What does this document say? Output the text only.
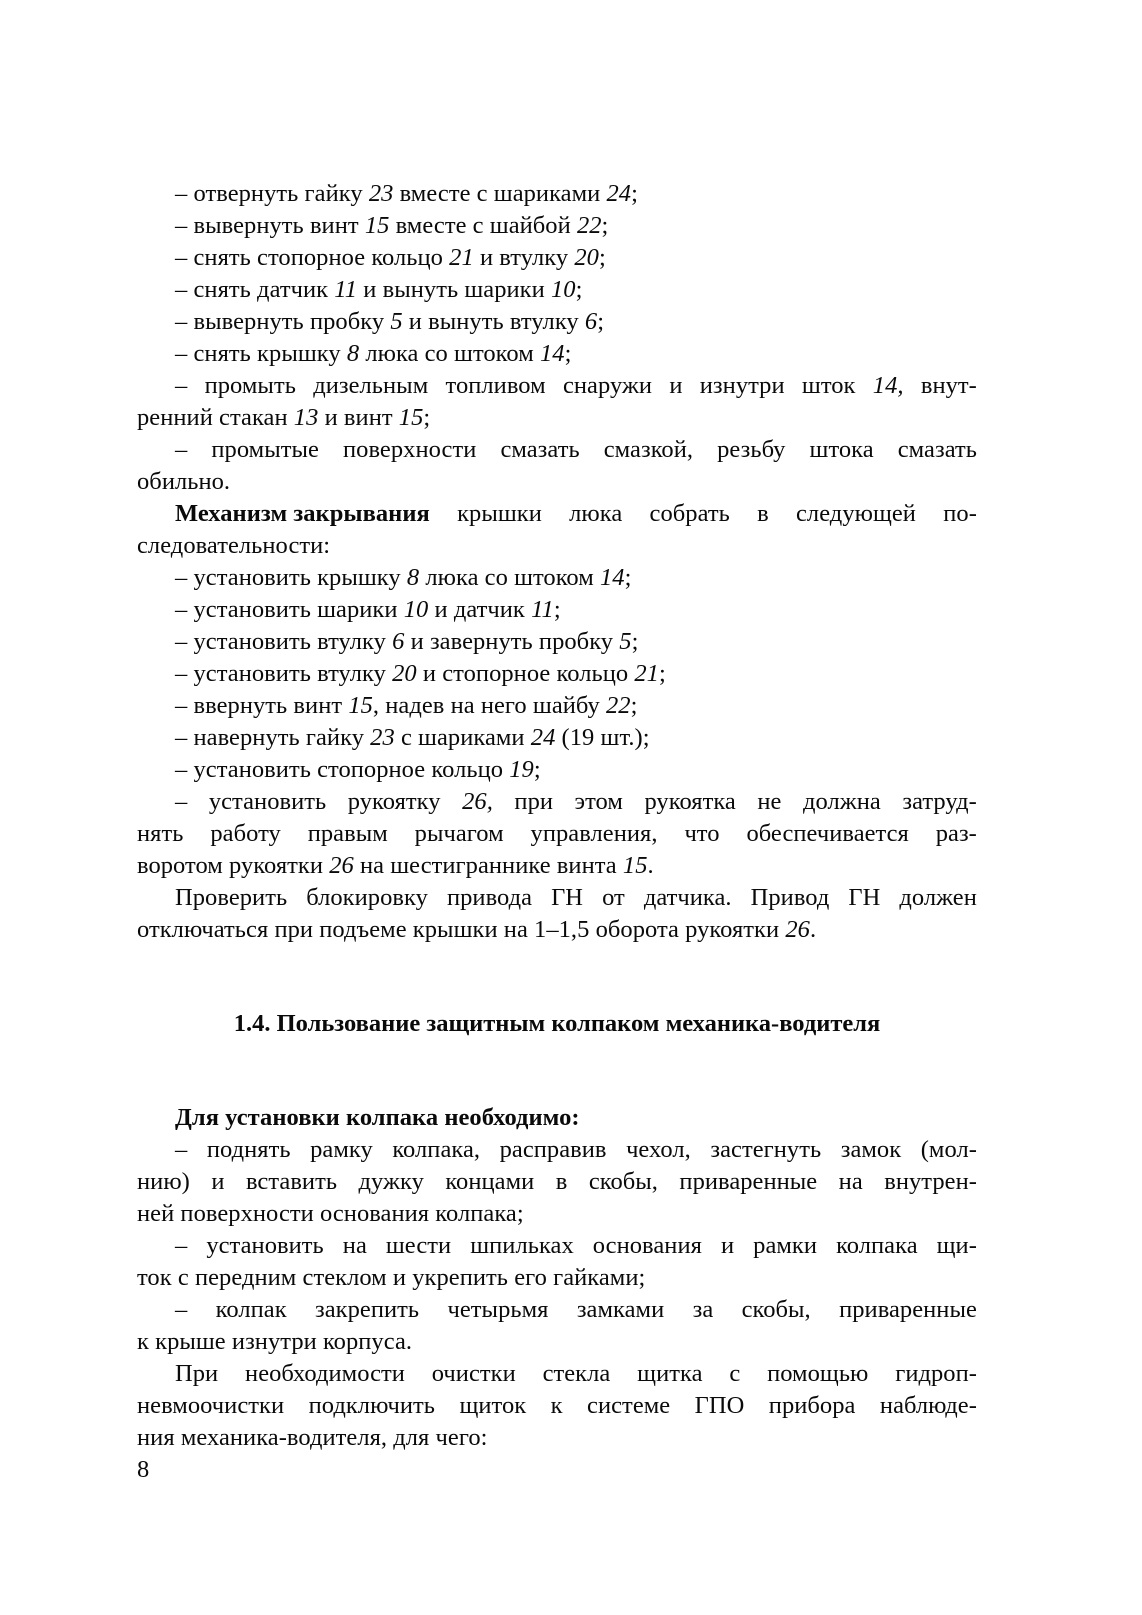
– отвернуть гайку 23 вместе с шариками 24;
– вывернуть винт 15 вместе с шайбой 22;
– снять стопорное кольцо 21 и втулку 20;
– снять датчик 11 и вынуть шарики 10;
– вывернуть пробку 5 и вынуть втулку 6;
– снять крышку 8 люка со штоком 14;
– промыть дизельным топливом снаружи и изнутри шток 14, внут-
ренний стакан 13 и винт 15;
– промытые поверхности смазать смазкой, резьбу штока смазать
обильно.
Механизм закрывания крышки люка собрать в следующей по-
следовательности:
– установить крышку 8 люка со штоком 14;
– установить шарики 10 и датчик 11;
– установить втулку 6 и завернуть пробку 5;
– установить втулку 20 и стопорное кольцо 21;
– ввернуть винт 15, надев на него шайбу 22;
– навернуть гайку 23 с шариками 24 (19 шт.);
– установить стопорное кольцо 19;
– установить рукоятку 26, при этом рукоятка не должна затруд-
нять работу правым рычагом управления, что обеспечивается раз-
воротом рукоятки 26 на шестиграннике винта 15.
Проверить блокировку привода ГН от датчика. Привод ГН должен
отключаться при подъеме крышки на 1–1,5 оборота рукоятки 26.
1.4. Пользование защитным колпаком механика-водителя
Для установки колпака необходимо:
– поднять рамку колпака, расправив чехол, застегнуть замок (мол-
нию) и вставить дужку концами в скобы, приваренные на внутрен-
ней поверхности основания колпака;
– установить на шести шпильках основания и рамки колпака щи-
ток с передним стеклом и укрепить его гайками;
– колпак закрепить четырьмя замками за скобы, приваренные
к крыше изнутри корпуса.
При необходимости очистки стекла щитка с помощью гидроп-
невмоочистки подключить щиток к системе ГПО прибора наблюде-
ния механика-водителя, для чего:
8
